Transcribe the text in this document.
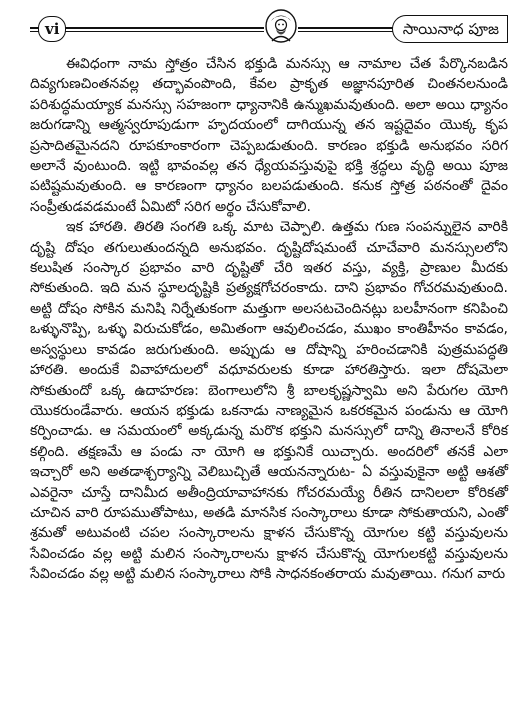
vi	సాయినాధ పూజ

ఈవిధంగా నామ స్తోత్రం చేసిన భక్తుడి మనస్సు ఆ నామాల చేత పేర్కొనబడిన దివ్యగుణచింతనవల్ల తద్భావంపొంది, కేవల ప్రాకృత అజ్ఞానపూరిత చింతనలనుండి పరిశుద్ధమయ్యాక మనస్సు సహజంగా ధ్యానానికి ఉన్ముఖమవుతుంది. అలా అయి ధ్యానం జరుగడాన్ని ఆత్మస్వరూపుడుగా హృదయంలో దాగియున్న తన ఇష్టదైవం యొక్క కృప ప్రసాదితమైనదని రూపకూంకారంగా చెప్పబడుతుంది. కారణం భక్తుడి అనుభవం సరిగ అలానే వుంటుంది. ఇట్టి భావంవల్ల తన ధ్యేయవస్తువుపై భక్తి శ్రద్ధలు వృద్ధి అయి పూజ పటిష్టమవుతుంది. ఆ కారణంగా ధ్యానం బలపడుతుంది. కనుక స్తోత్ర పఠనంతో దైవం సంప్రీతుడవడమంటే ఏమిటో సరిగ అర్థం చేసుకోవాలి.

ఇక హారతి. తిరతి సంగతి ఒక్క మాట చెప్పాలి. ఉత్తమ గుణ సంపన్నులైన వారికి దృష్టి దోషం తగులుతుందన్నది అనుభవం. దృష్టిదోషమంటే చూచేవారి మనస్సులలోని కలుషిత సంస్కార ప్రభావం వారి దృష్టితో చేరి ఇతర వస్తు, వ్యక్తి, ప్రాణుల మీదకు సోకుతుంది. ఇది మన స్థూలదృష్టికి ప్రత్యక్షగోచరంకాదు. దాని ప్రభావం గోచరమవుతుంది. అట్టి దోషం సోకిన మనిషి నిర్నేతుకంగా మత్తుగా అలసటచెందినట్లు బలహీనంగా కనిపించి ఒళ్ళునొప్పి, ఒళ్ళు విరుచుకోడం, అమితంగా ఆవులించడం, ముఖం కాంతిహీనం కావడం, అస్వస్థులు కావడం జరుగుతుంది. అప్పుడు ఆ దోషాన్ని హరించడానికి పుత్రమపద్ధతి హారతి. అందుకే వివాహాదులలో వధూవరులకు కూడా హారతిస్తారు. ఇలా దోషమెలా సోకుతుందో ఒక్క ఉదాహరణ: బెంగాలులోని శ్రీ బాలకృష్ణస్వామి అని పేరుగల యోగి యొకరుండేవారు. ఆయన భక్తుడు ఒకనాడు నాణ్యమైన ఒకరకమైన పండును ఆ యోగి కర్పించాడు. ఆ సమయంలో అక్కడున్న మరొక భక్తుని మనస్సులో దాన్ని తినాలనే కోరిక కల్గింది. తక్షణమే ఆ పండు నా యోగి ఆ భక్తునికే యిచ్చారు. అందరిలో తనకే ఎలా ఇచ్చారో అని అతడాశ్చర్యాన్ని వెలిబుచ్చితే ఆయనన్నారుట- ఏ వస్తువుకైనా అట్టి ఆశతో ఎవరైనా చూస్తే దానిమీద అతీంద్రియావాహానకు గోచరమయ్యే రీతిన దానిలలా కోరికతో చూచిన వారి రూపముతోపాటు, అతడి మానసిక సంస్కారాలు కూడా సోకుతాయని, ఎంతో శ్రమతో అటువంటి చపల సంస్కారాలను క్షాళన చేసుకొన్న యోగుల కట్టి వస్తువులను సేవించడం వల్ల అట్టి మలిన సంస్కారాలను క్షాళన చేసుకొన్న యోగులకట్టి వస్తువులను సేవించడం వల్ల అట్టి మలిన సంస్కారాలు సోకి సాధనకంతరాయ మవుతాయి. గనుగ వారు
